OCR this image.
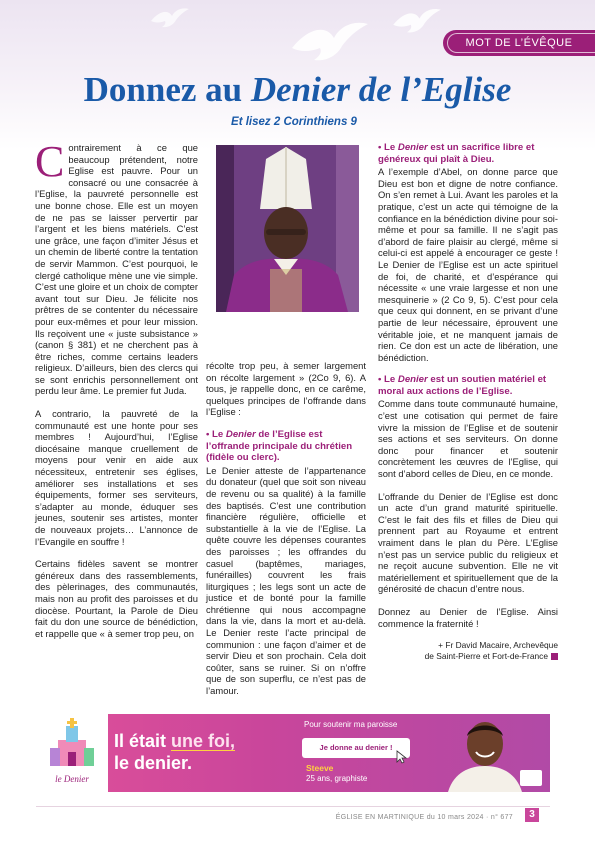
MOT DE L’ÉVÊQUE
Donnez au Denier de l’Eglise
Et lisez 2 Corinthiens 9

Contrairement à ce que beaucoup prétendent, notre Eglise est pauvre. Pour un consacré ou une consacrée à l’Eglise, la pauvreté personnelle est une bonne chose. Elle est un moyen de ne pas se laisser pervertir par l’argent et les biens matériels. C’est une grâce, une façon d’imiter Jésus et un chemin de liberté contre la tentation de servir Mammon. C’est pourquoi, le clergé catholique mène une vie simple. C’est une gloire et un choix de compter avant tout sur Dieu. Je félicite nos prêtres de se contenter du nécessaire pour eux-mêmes et pour leur mission. Ils reçoivent une « juste subsistance » (canon § 381) et ne cherchent pas à être riches, comme certains leaders religieux. D’ailleurs, bien des clercs qui se sont enrichis personnellement ont perdu leur âme. Le premier fut Juda.

A contrario, la pauvreté de la communauté est une honte pour ses membres ! Aujourd’hui, l’Eglise diocésaine manque cruellement de moyens pour venir en aide aux nécessiteux, entretenir ses églises, améliorer ses installations et ses équipements, former ses serviteurs, s’adapter au monde, éduquer ses jeunes, soutenir ses artistes, monter de nouveaux projets… L’annonce de l’Evangile en souffre !

Certains fidèles savent se montrer généreux dans des rassemblements, des pèlerinages, des communautés, mais non au profit des paroisses et du diocèse. Pourtant, la Parole de Dieu fait du don une source de bénédiction, et rappelle que « à semer trop peu, on

récolte trop peu, à semer largement on récolte largement » (2Co 9, 6). A tous, je rappelle donc, en ce carême, quelques principes de l’offrande dans l’Eglise :

• Le Denier de l’Eglise est l’offrande principale du chrétien (fidèle ou clerc).

Le Denier atteste de l’appartenance du donateur (quel que soit son niveau de revenu ou sa qualité) à la famille des baptisés. C’est une contribution financière régulière, officielle et substantielle à la vie de l’Eglise. La quête couvre les dépenses courantes des paroisses ; les offrandes du casuel (baptêmes, mariages, funérailles) couvrent les frais liturgiques ; les legs sont un acte de justice et de bonté pour la famille chrétienne qui nous accompagne dans la vie, dans la mort et au-delà. Le Denier reste l’acte principal de communion : une façon d’aimer et de servir Dieu et son prochain. Cela doit coûter, sans se ruiner. Si on n’offre que de son superflu, ce n’est pas de l’amour.

• Le Denier est un sacrifice libre et généreux qui plaît à Dieu.

A l’exemple d’Abel, on donne parce que Dieu est bon et digne de notre confiance. On s’en remet à Lui. Avant les paroles et la pratique, c’est un acte qui témoigne de la confiance en la bénédiction divine pour soi-même et pour sa famille. Il ne s’agit pas d’abord de faire plaisir au clergé, même si celui-ci est appelé à encourager ce geste ! Le Denier de l’Eglise est un acte spirituel de foi, de charité, et d’espérance qui nécessite « une vraie largesse et non une mesquinerie » (2 Co 9, 5). C’est pour cela que ceux qui donnent, en se privant d’une partie de leur nécessaire, éprouvent une véritable joie, et ne manquent jamais de rien. Ce don est un acte de libération, une bénédiction.

• Le Denier est un soutien matériel et moral aux actions de l’Eglise.

Comme dans toute communauté humaine, c’est une cotisation qui permet de faire vivre la mission de l’Eglise et de soutenir ses actions et ses serviteurs. On donne donc pour financer et soutenir concrètement les œuvres de l’Eglise, qui sont d’abord celles de Dieu, en ce monde.

L’offrande du Denier de l’Eglise est donc un acte d’un grand maturité spirituelle. C’est le fait des fils et filles de Dieu qui prennent part au Royaume et entrent vraiment dans le plan du Père. L’Eglise n’est pas un service public du religieux et ne reçoit aucune subvention. Elle ne vit matériellement et spirituellement que de la générosité de chacun d’entre nous.

Donnez au Denier de l’Eglise. Ainsi commence la fraternité !

+ Fr David Macaire, Archevêque
de Saint-Pierre et Fort-de-France
le Denier
Il était une foi,
le denier.
Pour soutenir ma paroisse
Je donne au denier !
Steeve
25 ans, graphiste
ÉGLISE EN MARTINIQUE du 10 mars 2024 · n° 677	3
